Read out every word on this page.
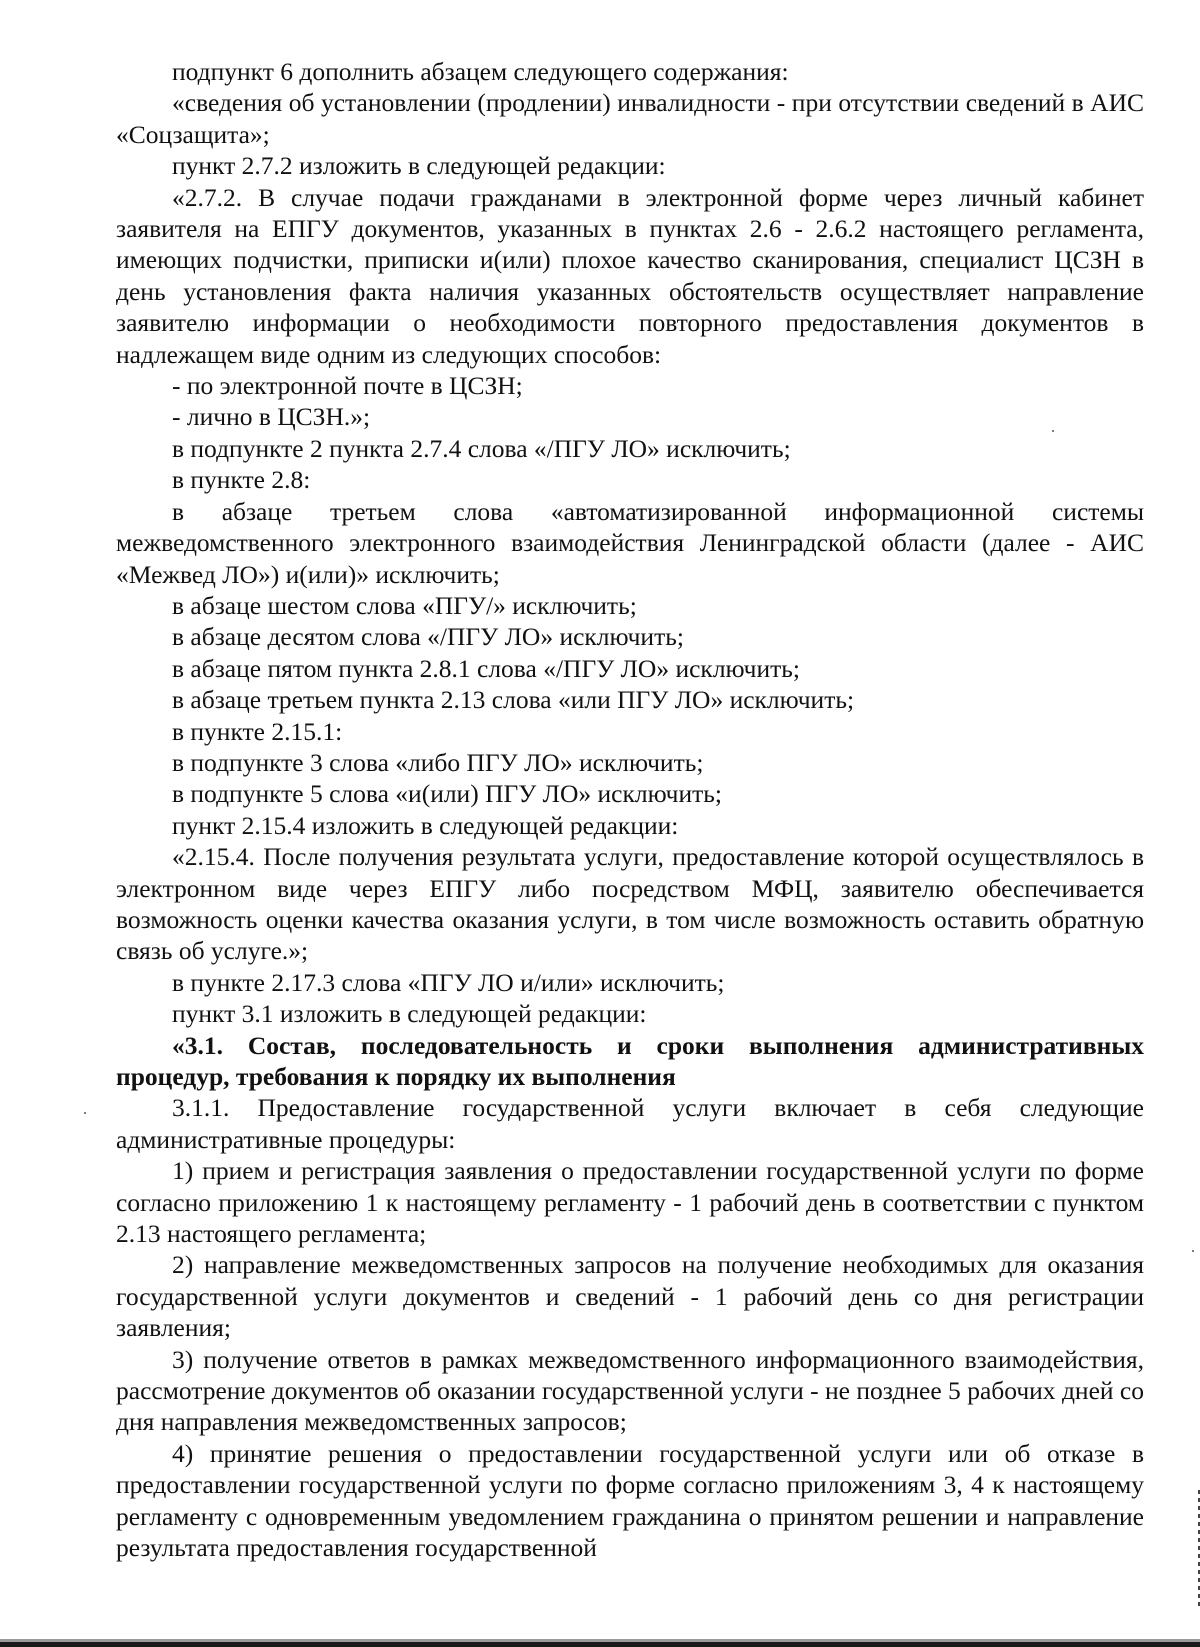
подпункт 6 дополнить абзацем следующего содержания:

«сведения об установлении (продлении) инвалидности - при отсутствии сведений в АИС «Соцзащита»;

пункт 2.7.2 изложить в следующей редакции:

«2.7.2. В случае подачи гражданами в электронной форме через личный кабинет заявителя на ЕПГУ документов, указанных в пунктах 2.6 - 2.6.2 настоящего регламента, имеющих подчистки, приписки и(или) плохое качество сканирования, специалист ЦСЗН в день установления факта наличия указанных обстоятельств осуществляет направление заявителю информации о необходимости повторного предоставления документов в надлежащем виде одним из следующих способов:

- по электронной почте в ЦСЗН;

- лично в ЦСЗН.»;

в подпункте 2 пункта 2.7.4 слова «/ПГУ ЛО» исключить;

в пункте 2.8:

в абзаце третьем слова «автоматизированной информационной системы межведомственного электронного взаимодействия Ленинградской области (далее - АИС «Межвед ЛО») и(или)» исключить;

в абзаце шестом слова «ПГУ/» исключить;

в абзаце десятом слова «/ПГУ ЛО» исключить;

в абзаце пятом пункта 2.8.1 слова «/ПГУ ЛО» исключить;

в абзаце третьем пункта 2.13 слова «или ПГУ ЛО» исключить;

в пункте 2.15.1:

в подпункте 3 слова «либо ПГУ ЛО» исключить;

в подпункте 5 слова «и(или) ПГУ ЛО» исключить;

пункт 2.15.4 изложить в следующей редакции:

«2.15.4. После получения результата услуги, предоставление которой осуществлялось в электронном виде через ЕПГУ либо посредством МФЦ, заявителю обеспечивается возможность оценки качества оказания услуги, в том числе возможность оставить обратную связь об услуге.»;

в пункте 2.17.3 слова «ПГУ ЛО и/или» исключить;

пункт 3.1 изложить в следующей редакции:

«3.1. Состав, последовательность и сроки выполнения административных процедур, требования к порядку их выполнения

3.1.1. Предоставление государственной услуги включает в себя следующие административные процедуры:

1) прием и регистрация заявления о предоставлении государственной услуги по форме согласно приложению 1 к настоящему регламенту - 1 рабочий день в соответствии с пунктом 2.13 настоящего регламента;

2) направление межведомственных запросов на получение необходимых для оказания государственной услуги документов и сведений - 1 рабочий день со дня регистрации заявления;

3) получение ответов в рамках межведомственного информационного взаимодействия, рассмотрение документов об оказании государственной услуги - не позднее 5 рабочих дней со дня направления межведомственных запросов;

4) принятие решения о предоставлении государственной услуги или об отказе в предоставлении государственной услуги по форме согласно приложениям 3, 4 к настоящему регламенту с одновременным уведомлением гражданина о принятом решении и направление результата предоставления государственной
